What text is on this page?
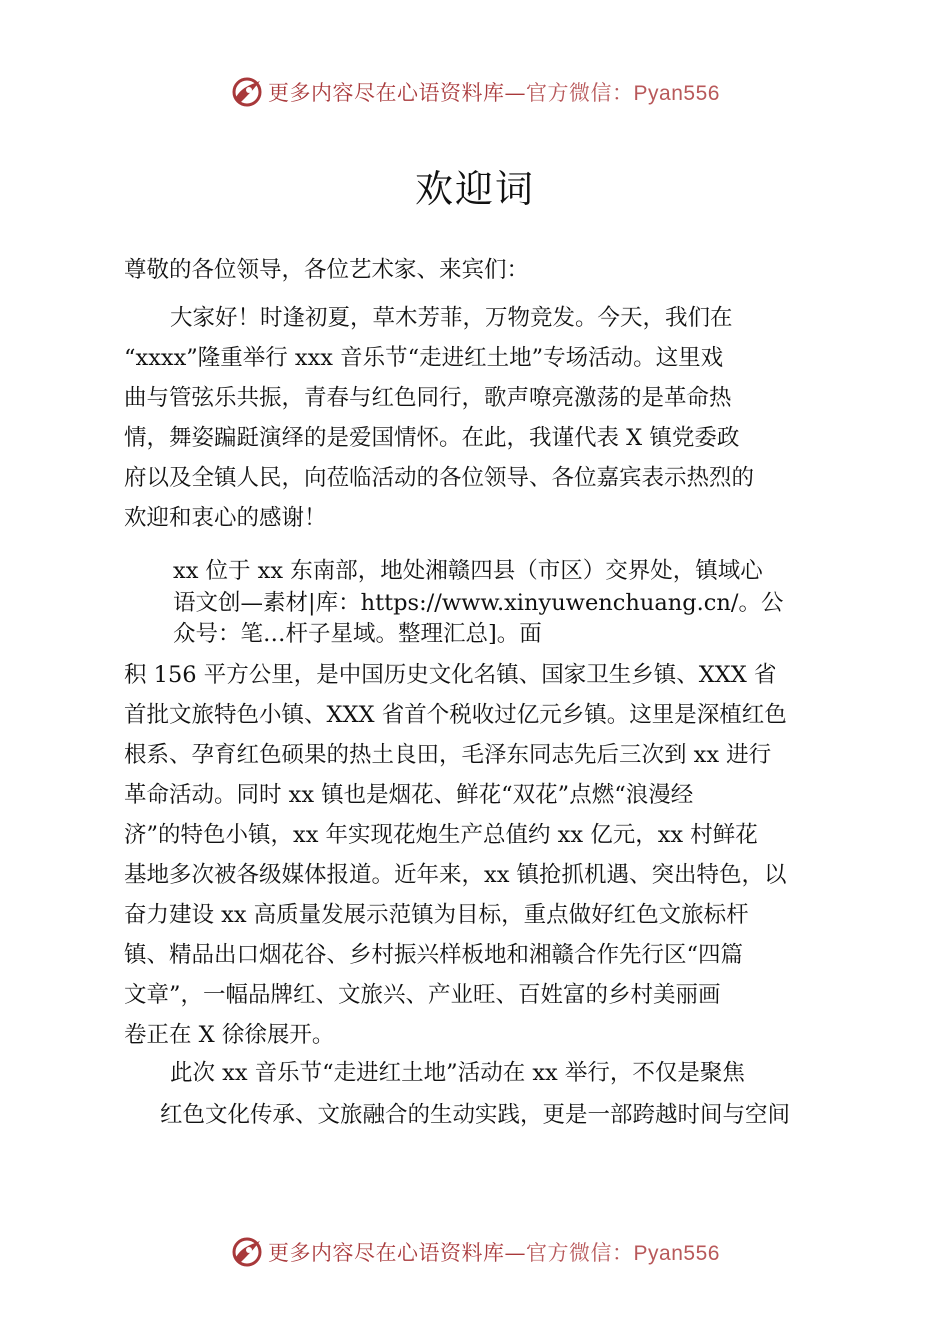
更多内容尽在心语资料库—官方微信：Pyan556
欢迎词
尊敬的各位领导，各位艺术家、来宾们：
大家好！时逢初夏，草木芳菲，万物竞发。今天，我们在
“xxxx”隆重举行 xxx 音乐节“走进红土地”专场活动。这里戏
曲与管弦乐共振，青春与红色同行，歌声嘹亮激荡的是革命热
情，舞姿蹁跹演绎的是爱国情怀。在此，我谨代表 X 镇党委政
府以及全镇人民，向莅临活动的各位领导、各位嘉宾表示热烈的
欢迎和衷心的感谢！
xx 位于 xx 东南部，地处湘赣四县（市区）交界处，镇域心
语文创—素材|库：https://www.xinyuwenchuang.cn/。公
众号：笔…杆子星域。整理汇总]。面
积 156 平方公里，是中国历史文化名镇、国家卫生乡镇、XXX 省
首批文旅特色小镇、XXX 省首个税收过亿元乡镇。这里是深植红色
根系、孕育红色硕果的热土良田，毛泽东同志先后三次到 xx 进行
革命活动。同时 xx 镇也是烟花、鲜花“双花”点燃“浪漫经
济”的特色小镇，xx 年实现花炮生产总值约 xx 亿元，xx 村鲜花
基地多次被各级媒体报道。近年来，xx 镇抢抓机遇、突出特色，以
奋力建设 xx 高质量发展示范镇为目标，重点做好红色文旅标杆
镇、精品出口烟花谷、乡村振兴样板地和湘赣合作先行区“四篇
文章”，一幅品牌红、文旅兴、产业旺、百姓富的乡村美丽画
卷正在 X 徐徐展开。
此次 xx 音乐节“走进红土地”活动在 xx 举行，不仅是聚焦
红色文化传承、文旅融合的生动实践，更是一部跨越时间与空间
更多内容尽在心语资料库—官方微信：Pyan556
